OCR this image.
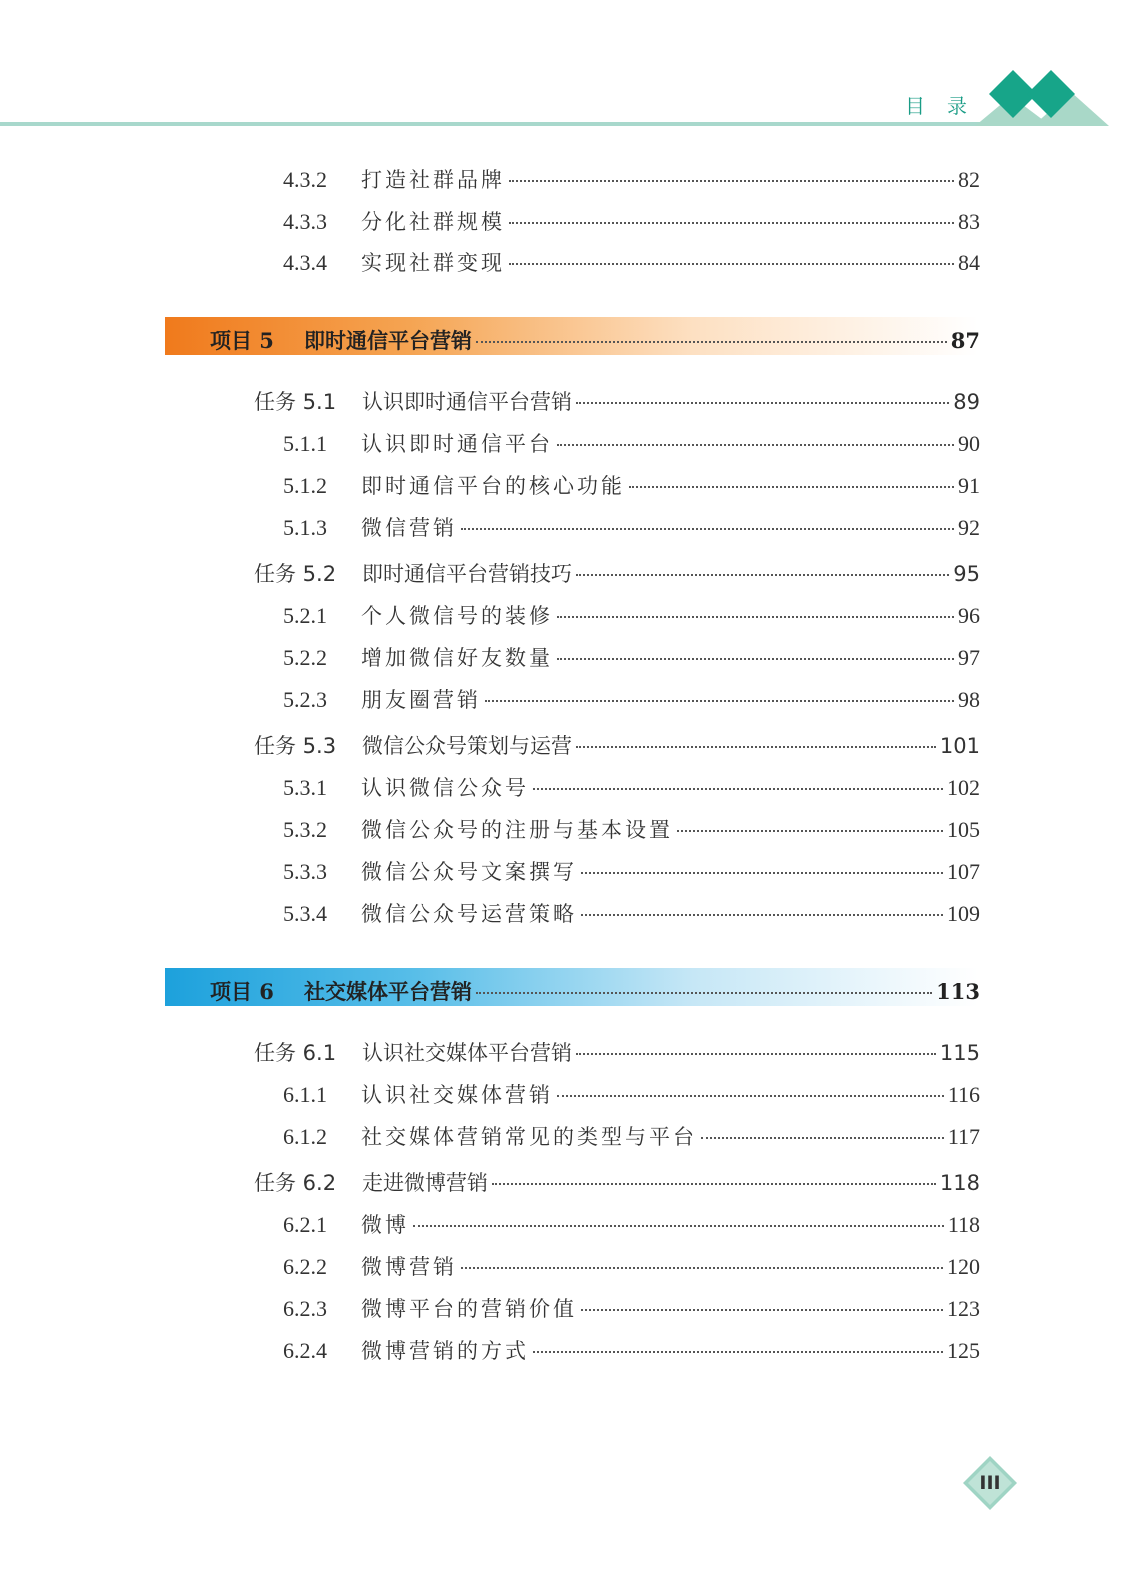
目录
4.3.2	打造社群品牌	82
4.3.3	分化社群规模	83
4.3.4	实现社群变现	84
项目 5	即时通信平台营销	87
任务 5.1	认识即时通信平台营销	89
5.1.1	认识即时通信平台	90
5.1.2	即时通信平台的核心功能	91
5.1.3	微信营销	92
任务 5.2	即时通信平台营销技巧	95
5.2.1	个人微信号的装修	96
5.2.2	增加微信好友数量	97
5.2.3	朋友圈营销	98
任务 5.3	微信公众号策划与运营	101
5.3.1	认识微信公众号	102
5.3.2	微信公众号的注册与基本设置	105
5.3.3	微信公众号文案撰写	107
5.3.4	微信公众号运营策略	109
项目 6	社交媒体平台营销	113
任务 6.1	认识社交媒体平台营销	115
6.1.1	认识社交媒体营销	116
6.1.2	社交媒体营销常见的类型与平台	117
任务 6.2	走进微博营销	118
6.2.1	微博	118
6.2.2	微博营销	120
6.2.3	微博平台的营销价值	123
6.2.4	微博营销的方式	125
III
